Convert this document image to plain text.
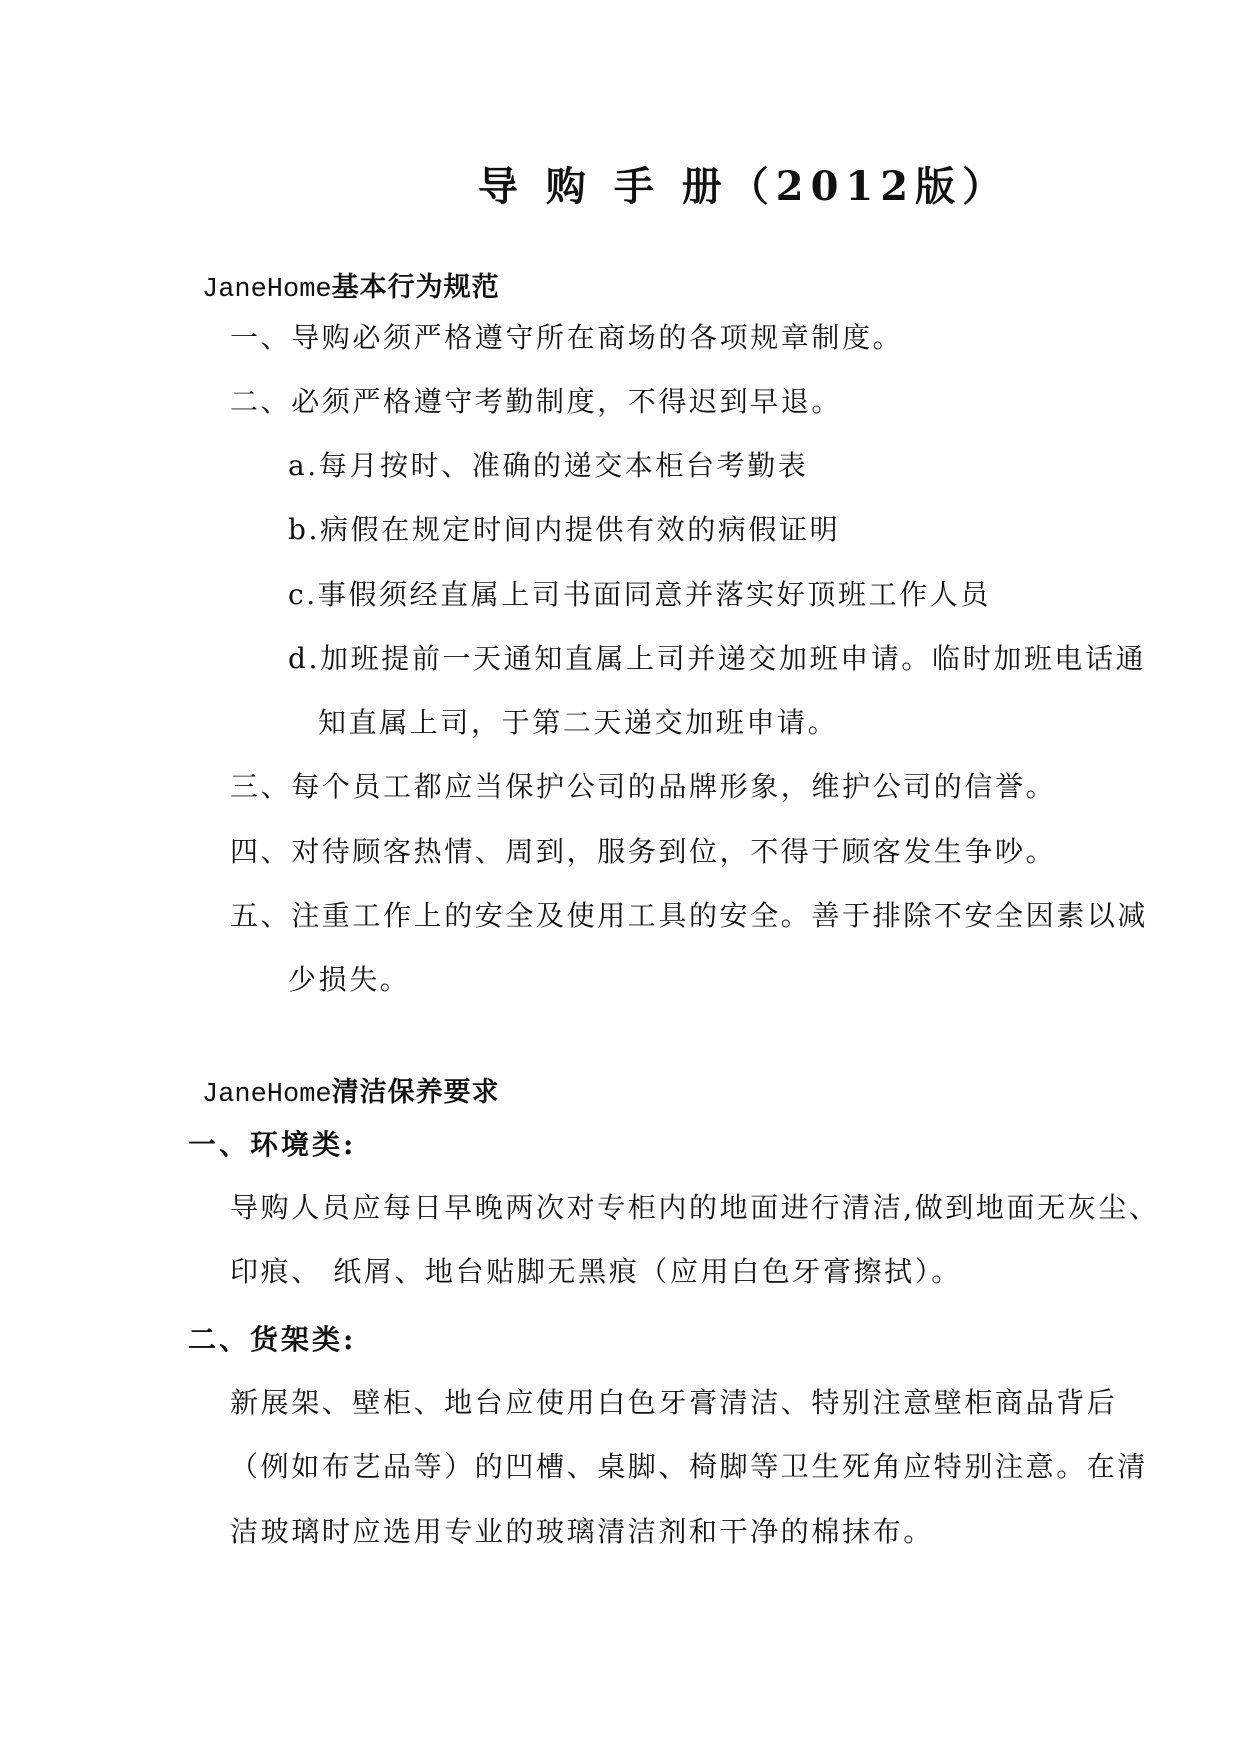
导 购 手 册（2012版）
JaneHome基本行为规范
一、导购必须严格遵守所在商场的各项规章制度。
二、必须严格遵守考勤制度，不得迟到早退。
a.每月按时、准确的递交本柜台考勤表
b.病假在规定时间内提供有效的病假证明
c.事假须经直属上司书面同意并落实好顶班工作人员
d.加班提前一天通知直属上司并递交加班申请。临时加班电话通
知直属上司，于第二天递交加班申请。
三、每个员工都应当保护公司的品牌形象，维护公司的信誉。
四、对待顾客热情、周到，服务到位，不得于顾客发生争吵。
五、注重工作上的安全及使用工具的安全。善于排除不安全因素以减
少损失。
JaneHome清洁保养要求
一、环境类:
导购人员应每日早晚两次对专柜内的地面进行清洁,做到地面无灰尘、
印痕、 纸屑、地台贴脚无黑痕（应用白色牙膏擦拭）。
二、货架类:
新展架、壁柜、地台应使用白色牙膏清洁、特别注意壁柜商品背后
（例如布艺品等）的凹槽、桌脚、椅脚等卫生死角应特别注意。在清
洁玻璃时应选用专业的玻璃清洁剂和干净的棉抹布。
